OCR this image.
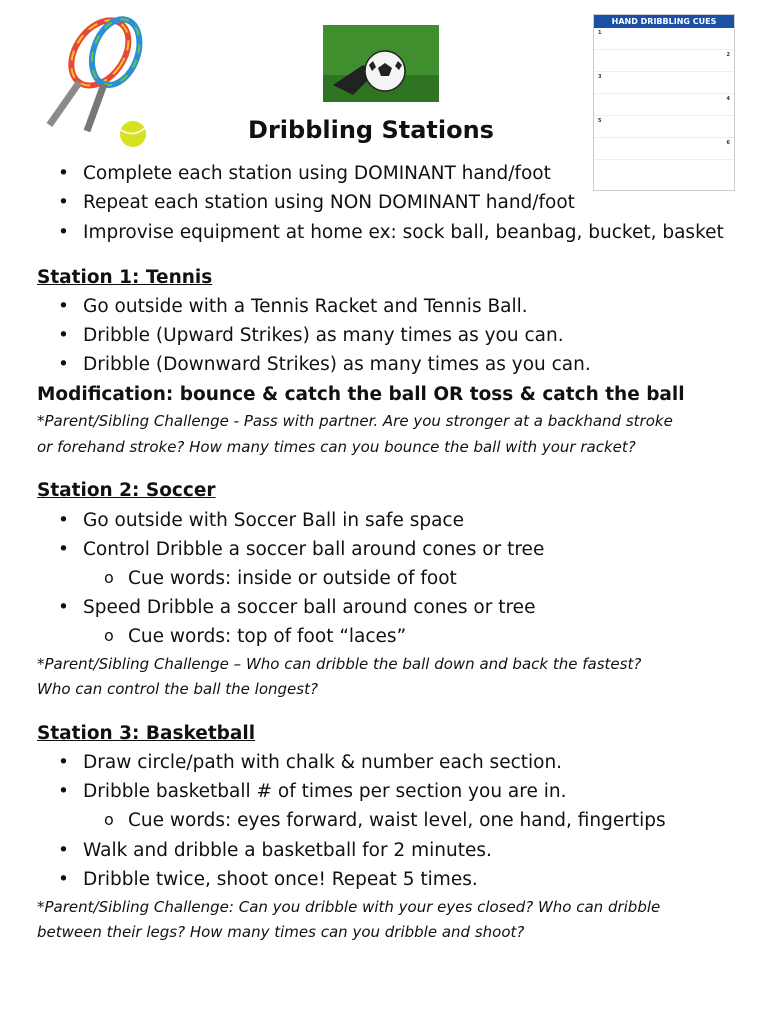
HAND DRIBBLING CUES
1
2
3
4
5
6
Dribbling Stations
• Complete each station using DOMINANT hand/foot
• Repeat each station using NON DOMINANT hand/foot
• Improvise equipment at home ex: sock ball, beanbag, bucket, basket
Station 1: Tennis
• Go outside with a Tennis Racket and Tennis Ball.
• Dribble (Upward Strikes) as many times as you can.
• Dribble (Downward Strikes) as many times as you can.
Modification: bounce & catch the ball OR toss & catch the ball
*Parent/Sibling Challenge - Pass with partner. Are you stronger at a backhand stroke
or forehand stroke? How many times can you bounce the ball with your racket?
Station 2: Soccer
• Go outside with Soccer Ball in safe space
• Control Dribble a soccer ball around cones or tree
o Cue words: inside or outside of foot
• Speed Dribble a soccer ball around cones or tree
o Cue words: top of foot “laces”
*Parent/Sibling Challenge – Who can dribble the ball down and back the fastest?
Who can control the ball the longest?
Station 3: Basketball
• Draw circle/path with chalk & number each section.
• Dribble basketball # of times per section you are in.
o Cue words: eyes forward, waist level, one hand, fingertips
• Walk and dribble a basketball for 2 minutes.
• Dribble twice, shoot once! Repeat 5 times.
*Parent/Sibling Challenge: Can you dribble with your eyes closed? Who can dribble
between their legs? How many times can you dribble and shoot?
